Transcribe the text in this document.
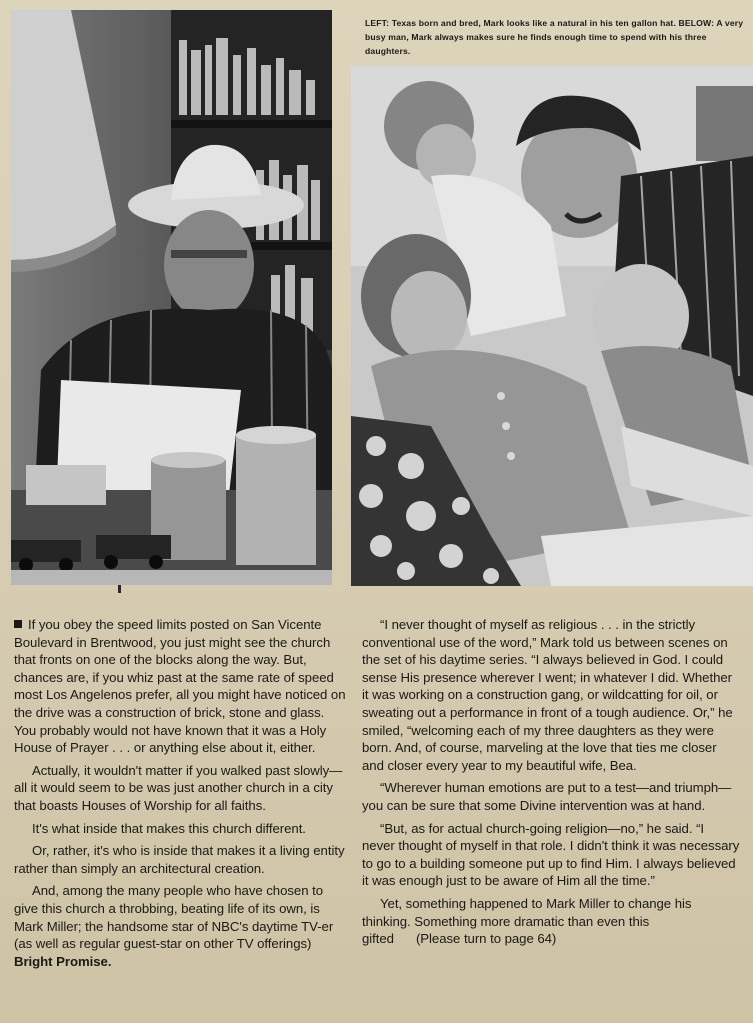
LEFT: Texas born and bred, Mark looks like a natural in his ten gallon hat. BELOW: A very busy man, Mark always makes sure he finds enough time to spend with his three daughters.

If you obey the speed limits posted on San Vicente Boulevard in Brentwood, you just might see the church that fronts on one of the blocks along the way. But, chances are, if you whiz past at the same rate of speed most Los Angelenos prefer, all you might have noticed on the drive was a construction of brick, stone and glass. You probably would not have known that it was a Holy House of Prayer . . . or anything else about it, either.

Actually, it wouldn't matter if you walked past slowly—all it would seem to be was just another church in a city that boasts Houses of Worship for all faiths.

It's what inside that makes this church different.

Or, rather, it's who is inside that makes it a living entity rather than simply an architectural creation.

And, among the many people who have chosen to give this church a throbbing, beating life of its own, is Mark Miller; the handsome star of NBC's daytime TV-er (as well as regular guest-star on other TV offerings) Bright Promise.

“I never thought of myself as religious . . . in the strictly conventional use of the word,” Mark told us between scenes on the set of his daytime series. “I always believed in God. I could sense His presence wherever I went; in whatever I did. Whether it was working on a construction gang, or wildcatting for oil, or sweating out a performance in front of a tough audience. Or,” he smiled, “welcoming each of my three daughters as they were born. And, of course, marveling at the love that ties me closer and closer every year to my beautiful wife, Bea.

“Wherever human emotions are put to a test—and triumph—you can be sure that some Divine intervention was at hand.

“But, as for actual church-going religion—no,” he said. “I never thought of myself in that role. I didn't think it was necessary to go to a building someone put up to find Him. I always believed it was enough just to be aware of Him all the time.”

Yet, something happened to Mark Miller to change his thinking. Something more dramatic than even this gifted (Please turn to page 64)
